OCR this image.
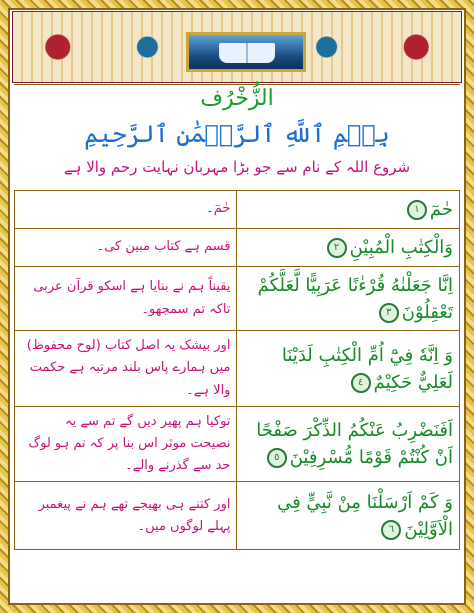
الزُّخْرُف
بِسۡمِ ٱللَّهِ ٱلرَّحۡمَٰنِ ٱلرَّحِيمِ
شروع اللہ کے نام سے جو بڑا مہربان نہایت رحم والا ہے
حٰمٓ۔	حٰمٓ١
قسم ہے کتاب مبین کی۔	وَالْكِتٰبِ الْمُبِيْنِ٢
یقیناً ہم نے بنایا ہے اسکو قرآن عربی تاکہ تم سمجھو۔	اِنَّا جَعَلْنٰهُ قُرْءٰنًا عَرَبِيًّا لَّعَلَّكُمْ تَعْقِلُوْنَ٣
اور بیشک یہ اصل کتاب (لوح محفوظ) میں ہمارے پاس بلند مرتبہ ہے حکمت والا ہے۔	وَ اِنَّهٗ فِيْٓ اُمِّ الْكِتٰبِ لَدَيْنَا لَعَلِيٌّ حَكِيْمٌ٤
توکیا ہم پھیر دیں گے تم سے یہ نصیحت موثر اس بنا پر کہ تم ہو لوگ حد سے گذرنے والے۔	اَفَنَضْرِبُ عَنْكُمُ الذِّكْرَ صَفْحًا اَنْ كُنْتُمْ قَوْمًا مُّسْرِفِيْنَ٥
اور کتنے ہی بھیجے تھے ہم نے پیغمبر پہلے لوگوں میں۔	وَ كَمْ اَرْسَلْنَا مِنْ نَّبِيٍّ فِي الْاَوَّلِيْنَ٦
